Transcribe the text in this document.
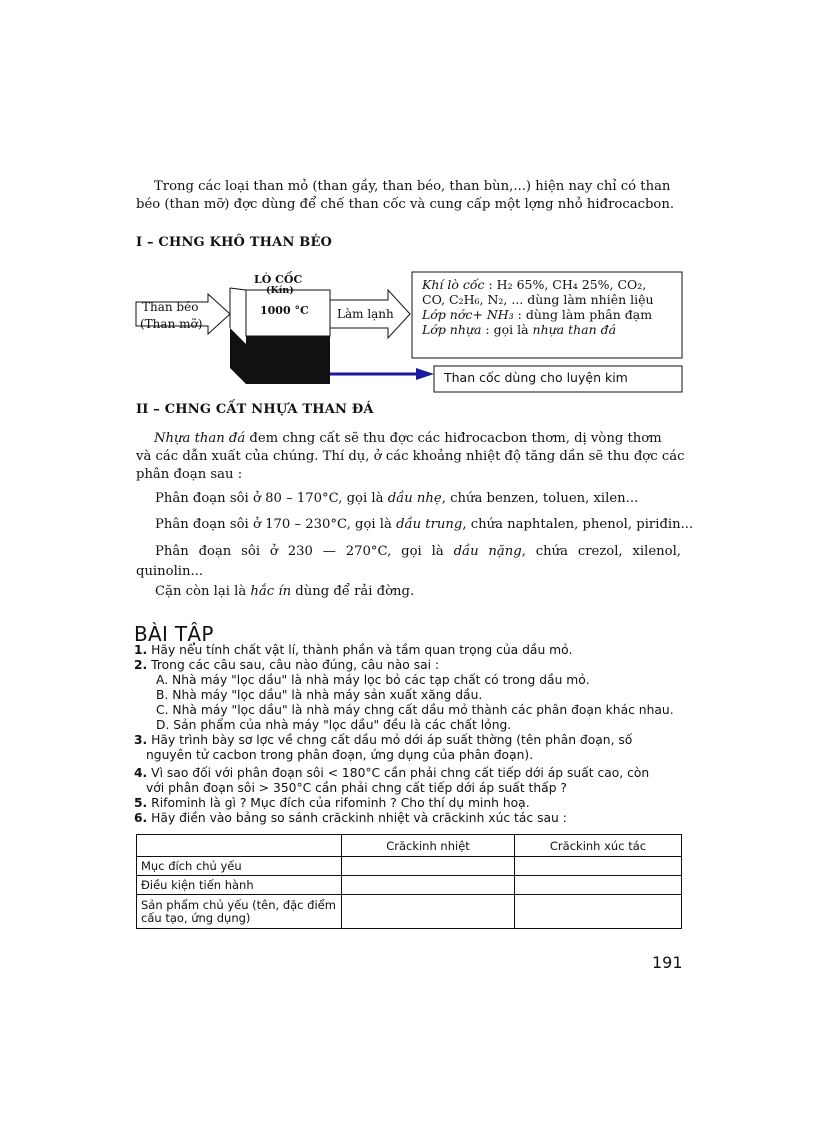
Trong các loại than mỏ (than gầy, than béo, than bùn,...) hiện nay chỉ có than
béo (than mỡ) đợc dùng để chế than cốc và cung cấp một lợng nhỏ hiđrocacbon.
I – CHNG KHÔ THAN BÉO
Than béo
(Than mỡ)
LÒ CỐC
(Kín)
1000 °C Làm lạnh
Khí lò cốc : H₂ 65%, CH₄ 25%, CO₂,
CO, C₂H₆, N₂, ... dùng làm nhiên liệu
Lớp nớc+ NH₃ : dùng làm phân đạm
Lớp nhựa : gọi là nhựa than đá
Than cốc dùng cho luyện kim
II – CHNG CẤT NHỰA THAN ĐÁ
Nhựa than đá đem chng cất sẽ thu đợc các hiđrocacbon thơm, dị vòng thơm
và các dẫn xuất của chúng. Thí dụ, ở các khoảng nhiệt độ tăng dần sẽ thu đợc các
phân đoạn sau :
Phân đoạn sôi ở 80 – 170°C, gọi là dầu nhẹ, chứa benzen, toluen, xilen...
Phân đoạn sôi ở 170 – 230°C, gọi là dầu trung, chứa naphtalen, phenol, piriđin...
Phân đoạn sôi ở 230 — 270°C, gọi là dầu nặng, chứa crezol, xilenol,
quinolin...
Cặn còn lại là hắc ín dùng để rải đờng.
BÀI TẬP
1. Hãy nêu tính chất vật lí, thành phần và tầm quan trọng của dầu mỏ.
2. Trong các câu sau, câu nào đúng, câu nào sai :
A. Nhà máy "lọc dầu" là nhà máy lọc bỏ các tạp chất có trong dầu mỏ.
B. Nhà máy "lọc dầu" là nhà máy sản xuất xăng dầu.
C. Nhà máy "lọc dầu" là nhà máy chng cất dầu mỏ thành các phân đoạn khác nhau.
D. Sản phẩm của nhà máy "lọc dầu" đều là các chất lỏng.
3. Hãy trình bày sơ lợc về chng cất dầu mỏ dới áp suất thờng (tên phân đoạn, số
nguyên tử cacbon trong phân đoạn, ứng dụng của phân đoạn).
4. Vì sao đối với phân đoạn sôi < 180°C cần phải chng cất tiếp dới áp suất cao, còn
với phân đoạn sôi > 350°C cần phải chng cất tiếp dới áp suất thấp ?
5. Rifominh là gì ? Mục đích của rifominh ? Cho thí dụ minh hoạ.
6. Hãy điền vào bảng so sánh crăckinh nhiệt và crăckinh xúc tác sau :
	Crăckinh nhiệt	Crăckinh xúc tác
Mục đích chủ yếu		
Điều kiện tiến hành		
Sản phẩm chủ yếu (tên, đặc điểm cấu tạo, ứng dụng)		
191
